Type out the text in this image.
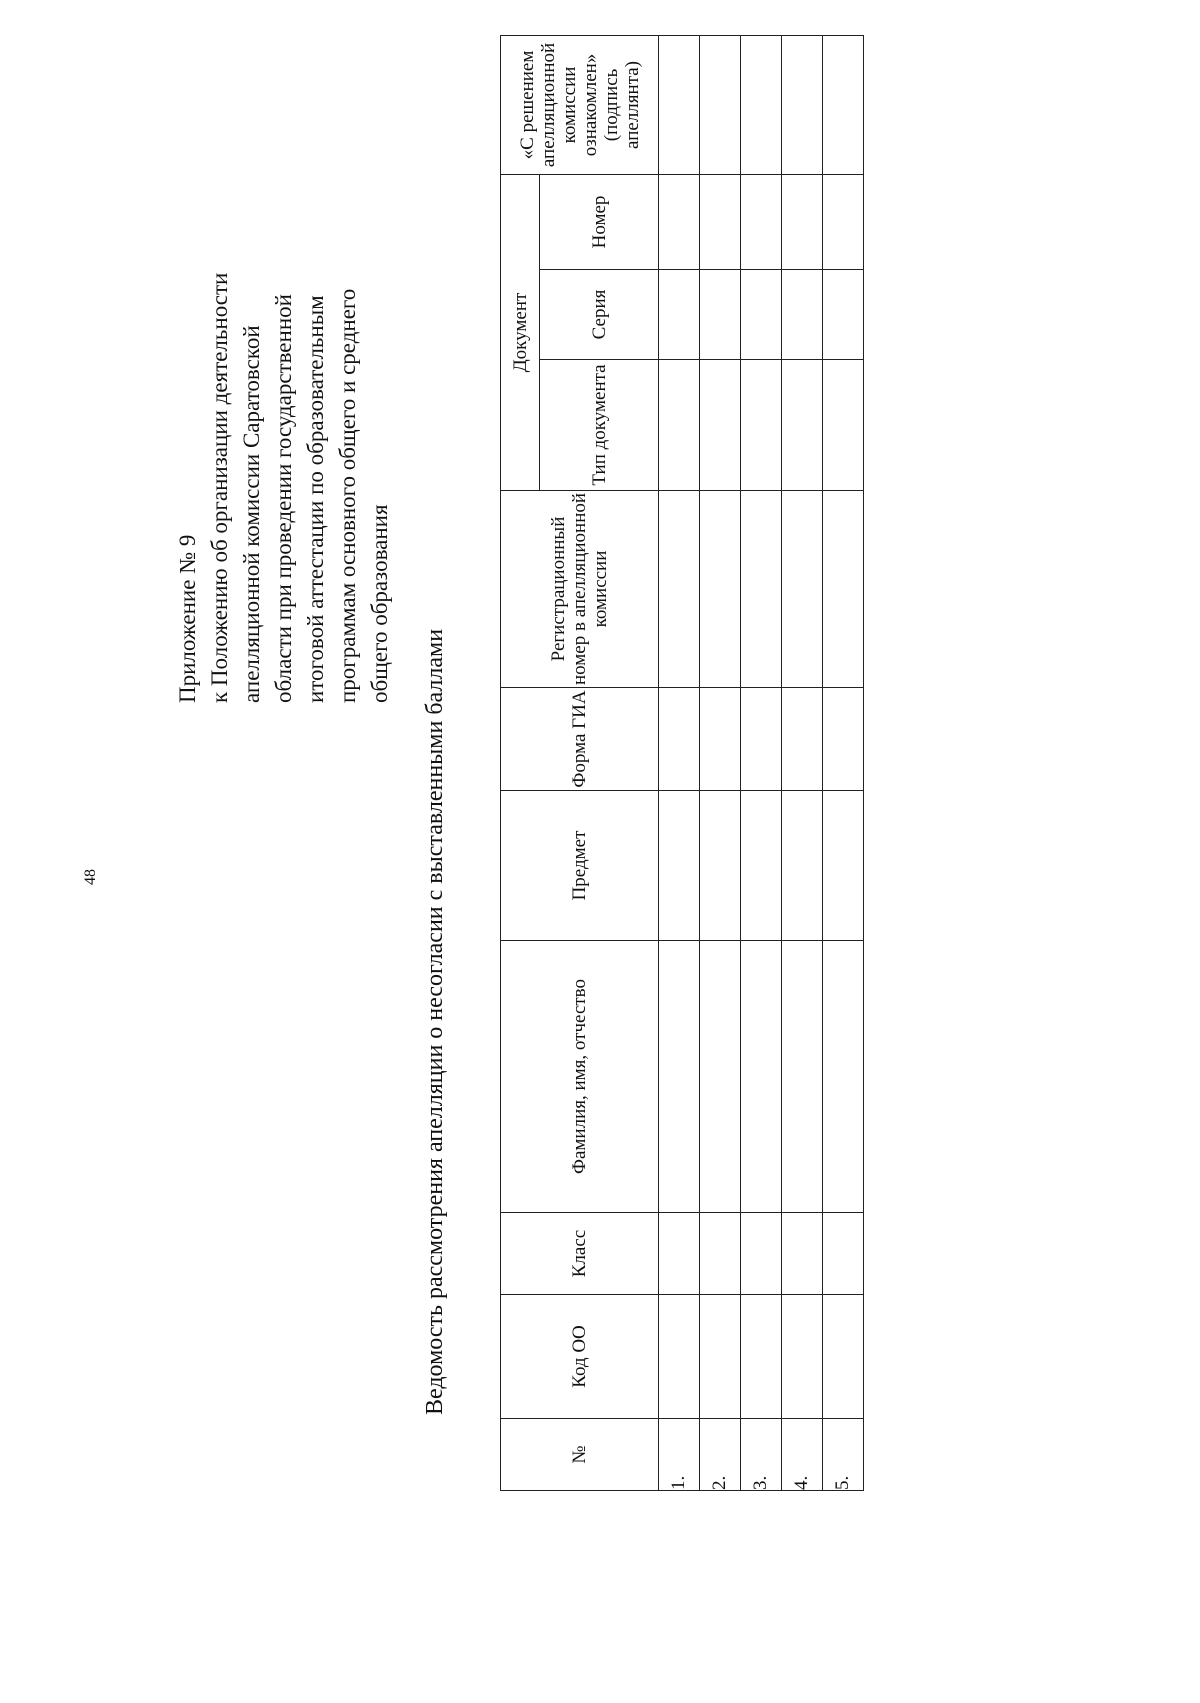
48
Приложение № 9 к Положению об организации деятельности апелляционной комиссии Саратовской области при проведении государственной итоговой аттестации по образовательным программам основного общего и среднего общего образования
Ведомость рассмотрения апелляции о несогласии с выставленными баллами
№	Код ОО	Класс	Фамилия, имя, отчество	Предмет	Форма ГИА	Регистрационный номер в апелляционной комиссии	Документ			«С решением апелляционной комиссии ознакомлен» (подпись апеллянта)
							Тип документа	Серия	Номер	
1.										
2.										
3.										
4.										
5.										
